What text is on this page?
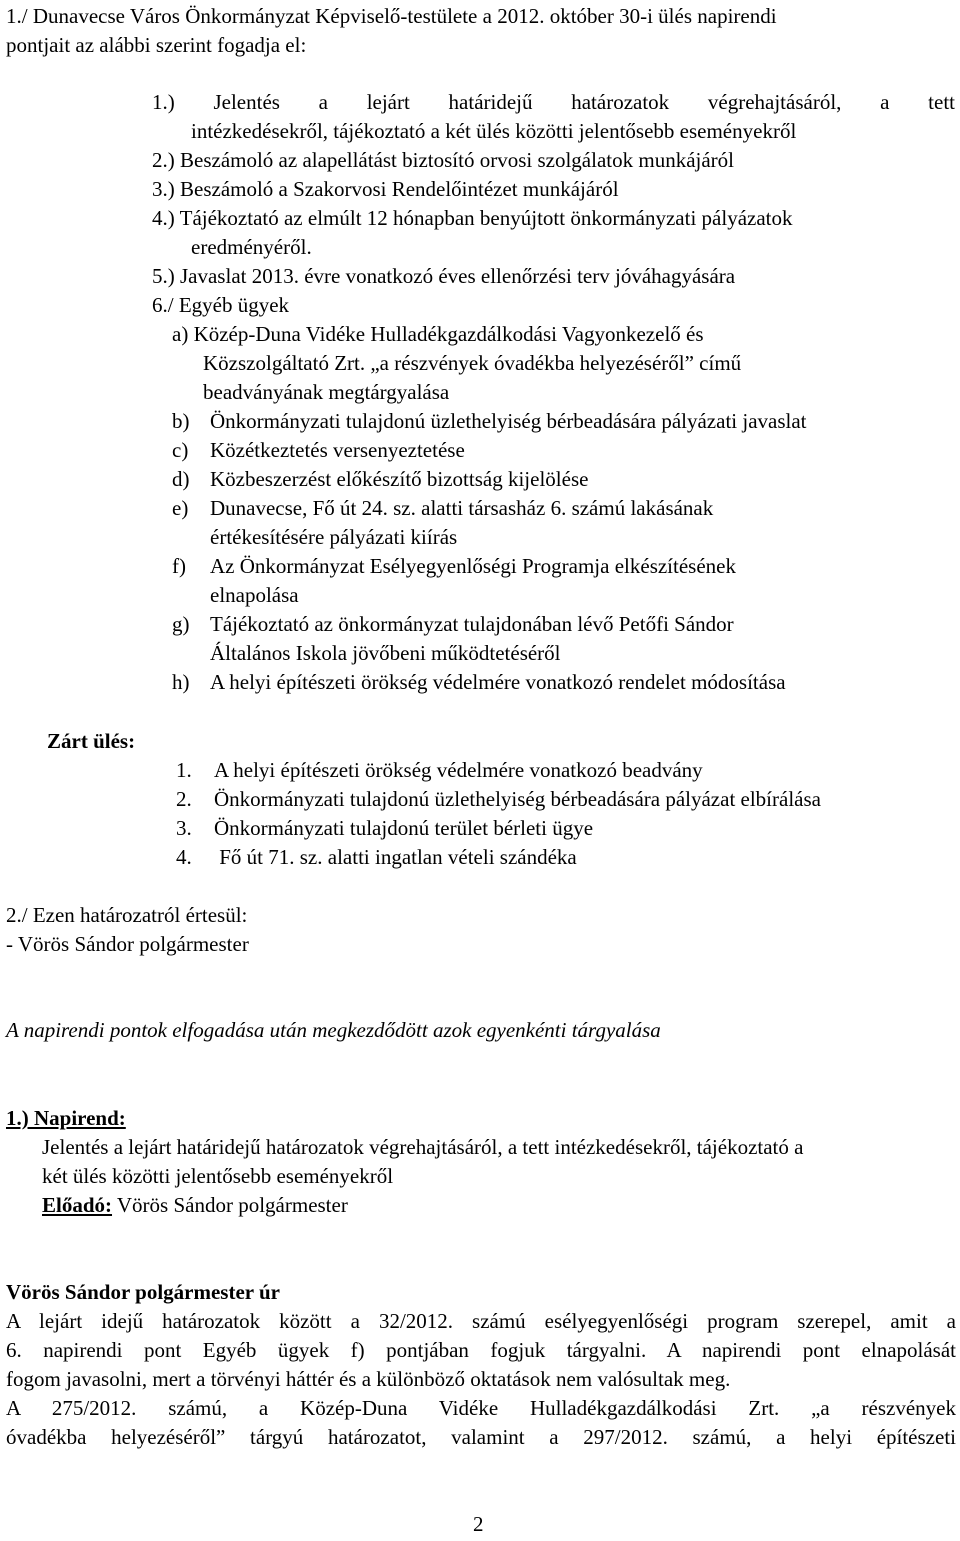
1./ Dunavecse Város Önkormányzat Képviselő-testülete a 2012. október 30-i ülés napirendi
pontjait az alábbi szerint fogadja el:
1.) Jelentés a lejárt határidejű határozatok végrehajtásáról, a tett
intézkedésekről, tájékoztató a két ülés közötti jelentősebb eseményekről
2.) Beszámoló az alapellátást biztosító orvosi szolgálatok munkájáról
3.) Beszámoló a Szakorvosi Rendelőintézet munkájáról
4.) Tájékoztató az elmúlt 12 hónapban benyújtott önkormányzati pályázatok
eredményéről.
5.) Javaslat 2013. évre vonatkozó éves ellenőrzési terv jóváhagyására
6./ Egyéb ügyek
a) Közép-Duna Vidéke Hulladékgazdálkodási Vagyonkezelő és
Közszolgáltató Zrt. „a részvények óvadékba helyezéséről” című
beadványának megtárgyalása
b) Önkormányzati tulajdonú üzlethelyiség bérbeadására pályázati javaslat
c) Közétkeztetés versenyeztetése
d) Közbeszerzést előkészítő bizottság kijelölése
e) Dunavecse, Fő út 24. sz. alatti társasház 6. számú lakásának
értékesítésére pályázati kiírás
f) Az Önkormányzat Esélyegyenlőségi Programja elkészítésének
elnapolása
g) Tájékoztató az önkormányzat tulajdonában lévő Petőfi Sándor
Általános Iskola jövőbeni működtetéséről
h) A helyi építészeti örökség védelmére vonatkozó rendelet módosítása
Zárt ülés:
1. A helyi építészeti örökség védelmére vonatkozó beadvány
2. Önkormányzati tulajdonú üzlethelyiség bérbeadására pályázat elbírálása
3. Önkormányzati tulajdonú terület bérleti ügye
4. Fő út 71. sz. alatti ingatlan vételi szándéka
2./ Ezen határozatról értesül:
- Vörös Sándor polgármester
A napirendi pontok elfogadása után megkezdődött azok egyenkénti tárgyalása
1.) Napirend:
Jelentés a lejárt határidejű határozatok végrehajtásáról, a tett intézkedésekről, tájékoztató a
két ülés közötti jelentősebb eseményekről
Előadó: Vörös Sándor polgármester
Vörös Sándor polgármester úr
A lejárt idejű határozatok között a 32/2012. számú esélyegyenlőségi program szerepel, amit a
6. napirendi pont Egyéb ügyek f) pontjában fogjuk tárgyalni. A napirendi pont elnapolását
fogom javasolni, mert a törvényi háttér és a különböző oktatások nem valósultak meg.
A 275/2012. számú, a Közép-Duna Vidéke Hulladékgazdálkodási Zrt. „a részvények
óvadékba helyezéséről” tárgyú határozatot, valamint a 297/2012. számú, a helyi építészeti
2
